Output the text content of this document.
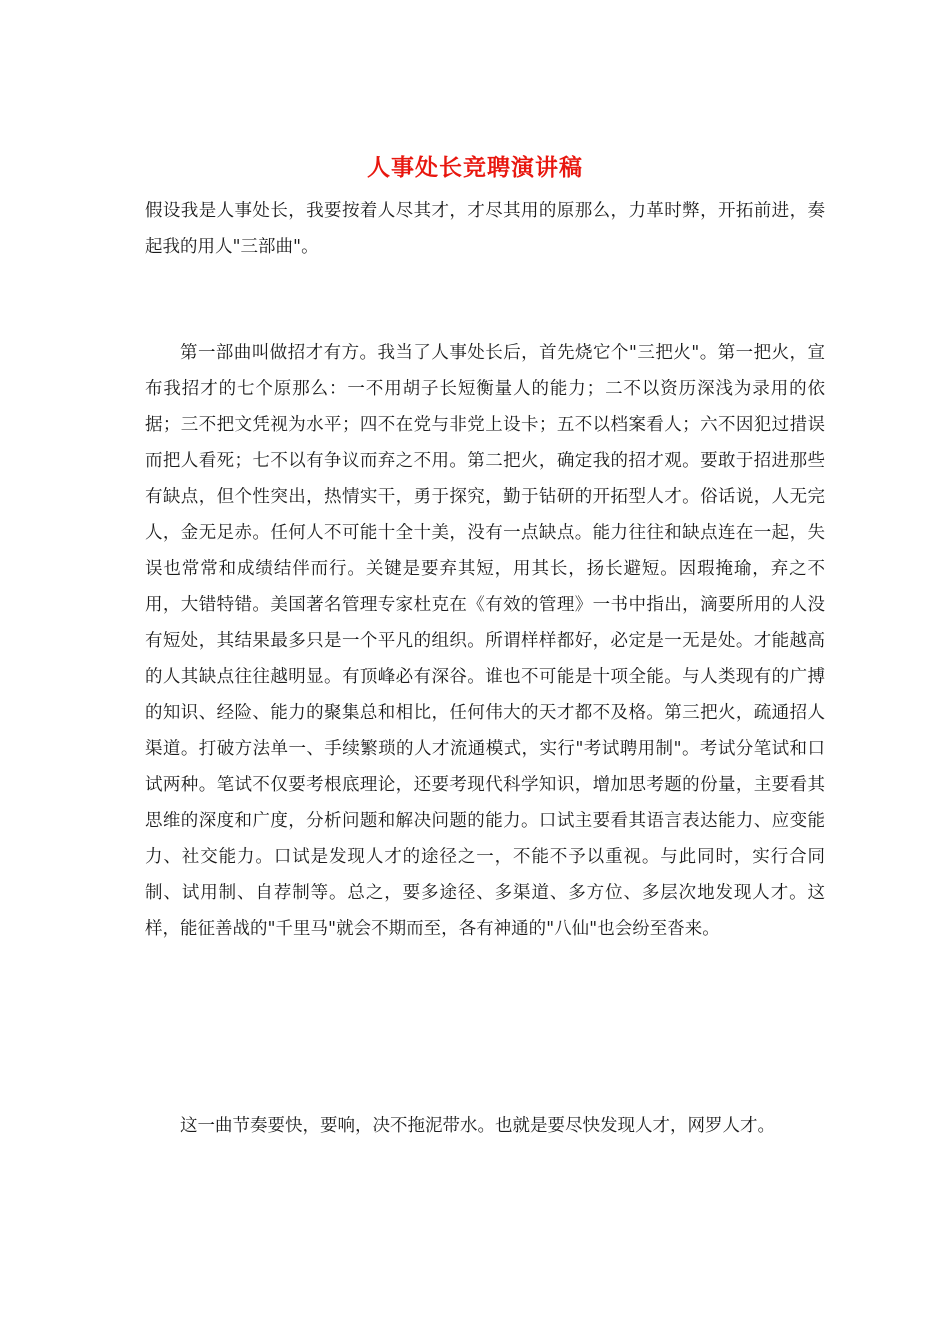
人事处长竞聘演讲稿

假设我是人事处长，我要按着人尽其才，才尽其用的原那么，力革时弊，开拓前进，奏起我的用人"三部曲"。

第一部曲叫做招才有方。我当了人事处长后，首先烧它个"三把火"。第一把火，宣布我招才的七个原那么：一不用胡子长短衡量人的能力；二不以资历深浅为录用的依据；三不把文凭视为水平；四不在党与非党上设卡；五不以档案看人；六不因犯过措误而把人看死；七不以有争议而弃之不用。第二把火，确定我的招才观。要敢于招进那些有缺点，但个性突出，热情实干，勇于探究，勤于钻研的开拓型人才。俗话说，人无完人，金无足赤。任何人不可能十全十美，没有一点缺点。能力往往和缺点连在一起，失误也常常和成绩结伴而行。关键是要弃其短，用其长，扬长避短。因瑕掩瑜，弃之不用，大错特错。美国著名管理专家杜克在《有效的管理》一书中指出，滴要所用的人没有短处，其结果最多只是一个平凡的组织。所谓样样都好，必定是一无是处。才能越高的人其缺点往往越明显。有顶峰必有深谷。谁也不可能是十项全能。与人类现有的广搏的知识、经险、能力的聚集总和相比，任何伟大的天才都不及格。第三把火，疏通招人渠道。打破方法单一、手续繁琐的人才流通模式，实行"考试聘用制"。考试分笔试和口试两种。笔试不仅要考根底理论，还要考现代科学知识，增加思考题的份量，主要看其思维的深度和广度，分析问题和解决问题的能力。口试主要看其语言表达能力、应变能力、社交能力。口试是发现人才的途径之一，不能不予以重视。与此同时，实行合同制、试用制、自荐制等。总之，要多途径、多渠道、多方位、多层次地发现人才。这样，能征善战的"千里马"就会不期而至，各有神通的"八仙"也会纷至沓来。

这一曲节奏要快，要响，决不拖泥带水。也就是要尽快发现人才，网罗人才。
